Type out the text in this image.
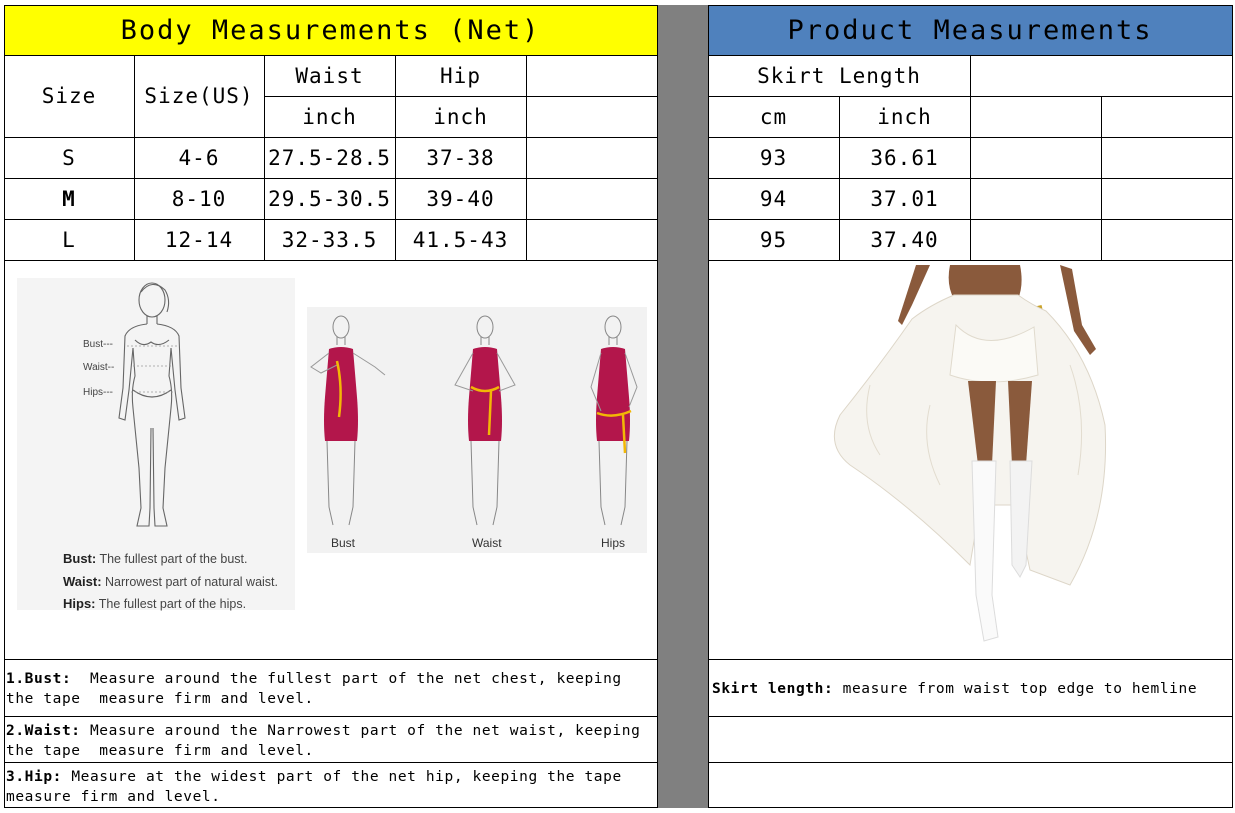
Body Measurements (Net)	Product Measurements
Size	Size(US)
Waist	Hip
inch	inch
S	4-6	27.5-28.5	37-38
M	8-10	29.5-30.5	39-40
L	12-14	32-33.5	41.5-43
Skirt Length
cm	inch
93	36.61
94	37.01
95	37.40
Bust---
Waist--
Hips---
Bust: The fullest part of the bust.
Waist: Narrowest part of natural waist.
Hips: The fullest part of the hips.
Bust	Waist	Hips
1.Bust:  Measure around the fullest part of the net chest, keeping the tape  measure firm and level.
2.Waist: Measure around the Narrowest part of the net waist, keeping the tape  measure firm and level.
3.Hip: Measure at the widest part of the net hip, keeping the tape measure firm and level.
Skirt length: measure from waist top edge to hemline
